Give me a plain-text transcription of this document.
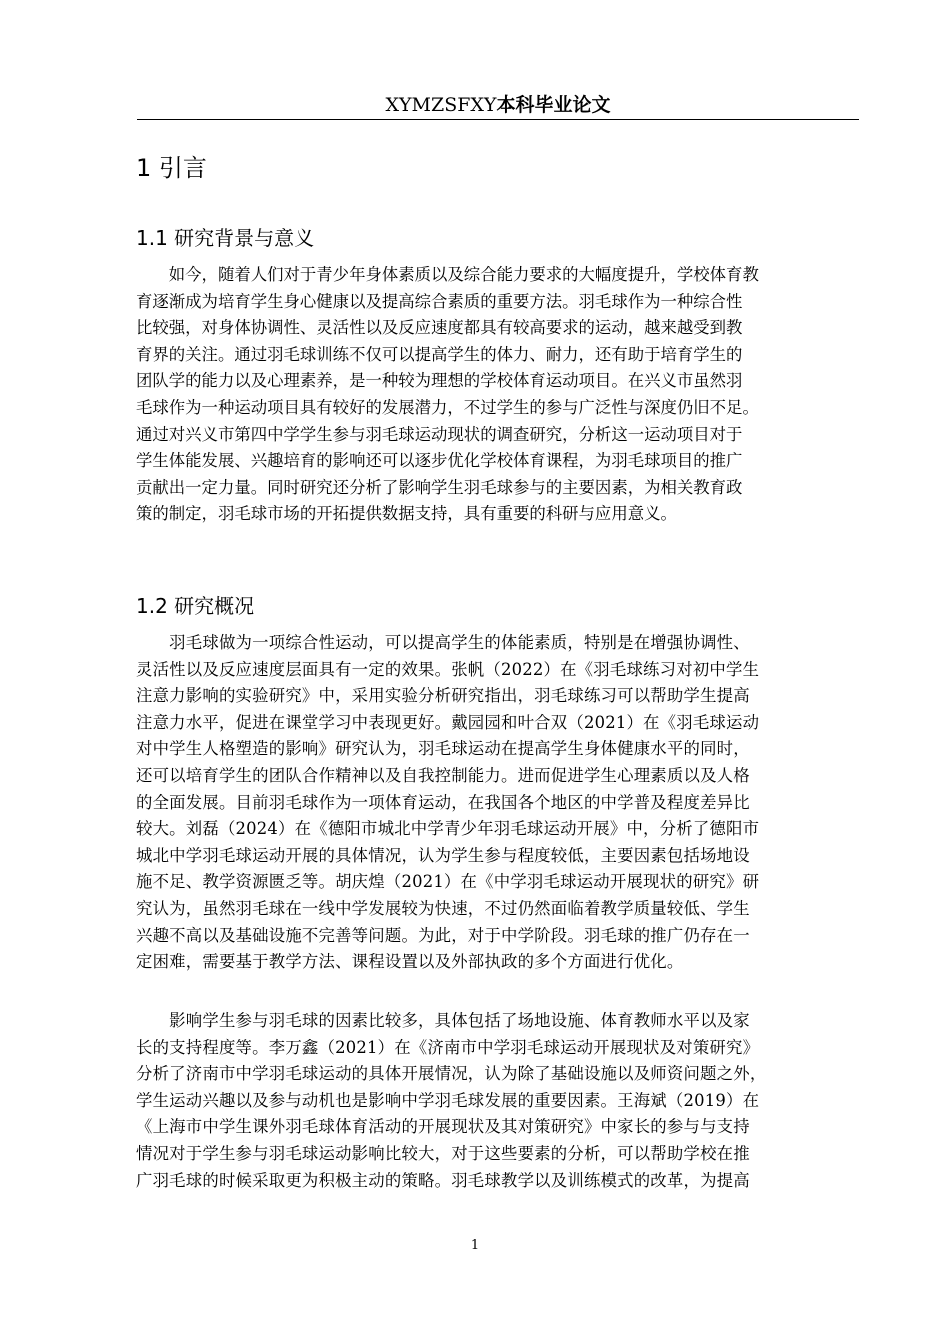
XYMZSFXY本科毕业论文
1 引言
1.1 研究背景与意义
　　如今，随着人们对于青少年身体素质以及综合能力要求的大幅度提升，学校体育教
育逐渐成为培育学生身心健康以及提高综合素质的重要方法。羽毛球作为一种综合性
比较强，对身体协调性、灵活性以及反应速度都具有较高要求的运动，越来越受到教
育界的关注。通过羽毛球训练不仅可以提高学生的体力、耐力，还有助于培育学生的
团队学的能力以及心理素养，是一种较为理想的学校体育运动项目。在兴义市虽然羽
毛球作为一种运动项目具有较好的发展潜力，不过学生的参与广泛性与深度仍旧不足。
通过对兴义市第四中学学生参与羽毛球运动现状的调查研究，分析这一运动项目对于
学生体能发展、兴趣培育的影响还可以逐步优化学校体育课程，为羽毛球项目的推广
贡献出一定力量。同时研究还分析了影响学生羽毛球参与的主要因素，为相关教育政
策的制定，羽毛球市场的开拓提供数据支持，具有重要的科研与应用意义。
1.2 研究概况
　　羽毛球做为一项综合性运动，可以提高学生的体能素质，特别是在增强协调性、
灵活性以及反应速度层面具有一定的效果。张帆（2022）在《羽毛球练习对初中学生
注意力影响的实验研究》中，采用实验分析研究指出，羽毛球练习可以帮助学生提高
注意力水平，促进在课堂学习中表现更好。戴园园和叶合双（2021）在《羽毛球运动
对中学生人格塑造的影响》研究认为，羽毛球运动在提高学生身体健康水平的同时，
还可以培育学生的团队合作精神以及自我控制能力。进而促进学生心理素质以及人格
的全面发展。目前羽毛球作为一项体育运动，在我国各个地区的中学普及程度差异比
较大。刘磊（2024）在《德阳市城北中学青少年羽毛球运动开展》中，分析了德阳市
城北中学羽毛球运动开展的具体情况，认为学生参与程度较低，主要因素包括场地设
施不足、教学资源匮乏等。胡庆煌（2021）在《中学羽毛球运动开展现状的研究》研
究认为，虽然羽毛球在一线中学发展较为快速，不过仍然面临着教学质量较低、学生
兴趣不高以及基础设施不完善等问题。为此，对于中学阶段。羽毛球的推广仍存在一
定困难，需要基于教学方法、课程设置以及外部执政的多个方面进行优化。
　　影响学生参与羽毛球的因素比较多，具体包括了场地设施、体育教师水平以及家
长的支持程度等。李万鑫（2021）在《济南市中学羽毛球运动开展现状及对策研究》
分析了济南市中学羽毛球运动的具体开展情况，认为除了基础设施以及师资问题之外，
学生运动兴趣以及参与动机也是影响中学羽毛球发展的重要因素。王海斌（2019）在
《上海市中学生课外羽毛球体育活动的开展现状及其对策研究》中家长的参与与支持
情况对于学生参与羽毛球运动影响比较大，对于这些要素的分析，可以帮助学校在推
广羽毛球的时候采取更为积极主动的策略。羽毛球教学以及训练模式的改革，为提高
1
